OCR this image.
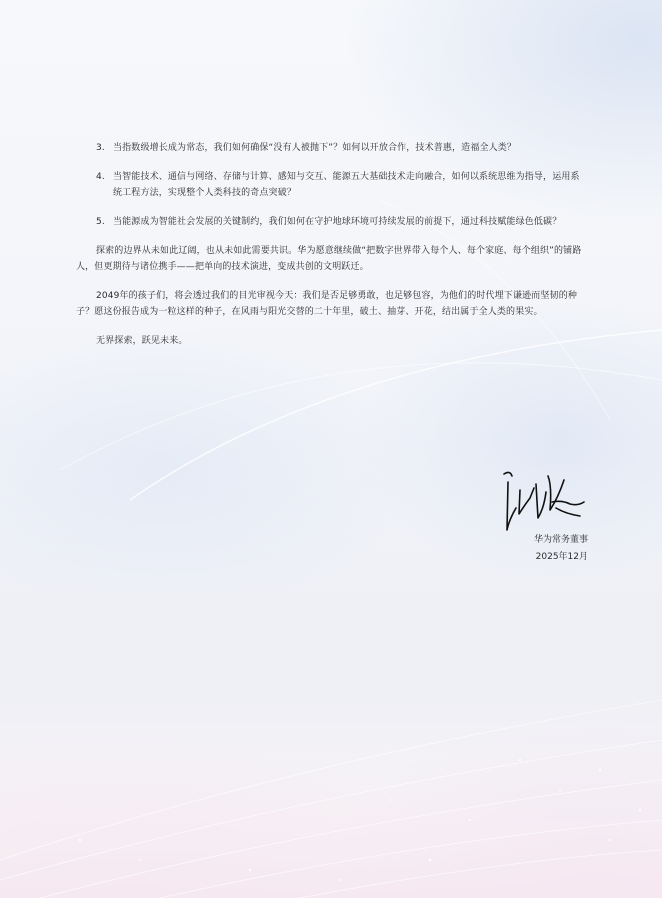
3. 当指数级增长成为常态，我们如何确保“没有人被抛下”？如何以开放合作，技术普惠，造福全人类？
4. 当智能技术、通信与网络、存储与计算、感知与交互、能源五大基础技术走向融合，如何以系统思维为指导，运用系统工程方法，实现整个人类科技的奇点突破？
5. 当能源成为智能社会发展的关键制约，我们如何在守护地球环境可持续发展的前提下，通过科技赋能绿色低碳？

探索的边界从未如此辽阔，也从未如此需要共识。华为愿意继续做“把数字世界带入每个人、每个家庭、每个组织”的铺路人，但更期待与诸位携手——把单向的技术演进，变成共创的文明跃迁。

2049年的孩子们，将会透过我们的目光审视今天：我们是否足够勇敢，也足够包容，为他们的时代埋下谦逊而坚韧的种子？愿这份报告成为一粒这样的种子，在风雨与阳光交替的二十年里，破土、抽芽、开花，结出属于全人类的果实。

无界探索，跃见未来。

华为常务董事
2025年12月
